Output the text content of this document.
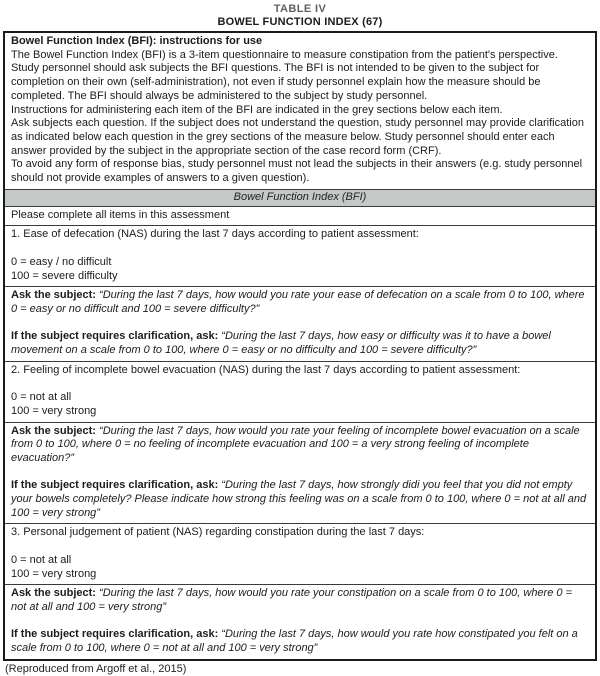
TABLE IV
BOWEL FUNCTION INDEX (67)

Bowel Function Index (BFI): instructions for use

The Bowel Function Index (BFI) is a 3-item questionnaire to measure constipation from the patient's perspective. Study personnel should ask subjects the BFI questions. The BFI is not intended to be given to the subject for completion on their own (self-administration), not even if study personnel explain how the measure should be completed. The BFI should always be administered to the subject by study personnel.

Instructions for administering each item of the BFI are indicated in the grey sections below each item.

Ask subjects each question. If the subject does not understand the question, study personnel may provide clarification as indicated below each question in the grey sections of the measure below. Study personnel should enter each answer provided by the subject in the appropriate section of the case record form (CRF).

To avoid any form of response bias, study personnel must not lead the subjects in their answers (e.g. study personnel should not provide examples of answers to a given question).

Bowel Function Index (BFI)
Please complete all items in this assessment

1. Ease of defecation (NAS) during the last 7 days according to patient assessment:

0 = easy / no difficult

100 = severe difficulty

Ask the subject: “During the last 7 days, how would you rate your ease of defecation on a scale from 0 to 100, where 0 = easy or no difficult and 100 = severe difficulty?”

If the subject requires clarification, ask: “During the last 7 days, how easy or difficulty was it to have a bowel movement on a scale from 0 to 100, where 0 = easy or no difficulty and 100 = severe difficulty?”

2. Feeling of incomplete bowel evacuation (NAS) during the last 7 days according to patient assessment:

0 = not at all

100 = very strong

Ask the subject: “During the last 7 days, how would you rate your feeling of incomplete bowel evacuation on a scale from 0 to 100, where 0 = no feeling of incomplete evacuation and 100 = a very strong feeling of incomplete evacuation?”

If the subject requires clarification, ask: “During the last 7 days, how strongly didi you feel that you did not empty your bowels completely? Please indicate how strong this feeling was on a scale from 0 to 100, where 0 = not at all and 100 = very strong”

3. Personal judgement of patient (NAS) regarding constipation during the last 7 days:

0 = not at all

100 = very strong

Ask the subject: “During the last 7 days, how would you rate your constipation on a scale from 0 to 100, where 0 = not at all and 100 = very strong”

If the subject requires clarification, ask: “During the last 7 days, how would you rate how constipated you felt on a scale from 0 to 100, where 0 = not at all and 100 = very strong”

(Reproduced from Argoff et al., 2015)
